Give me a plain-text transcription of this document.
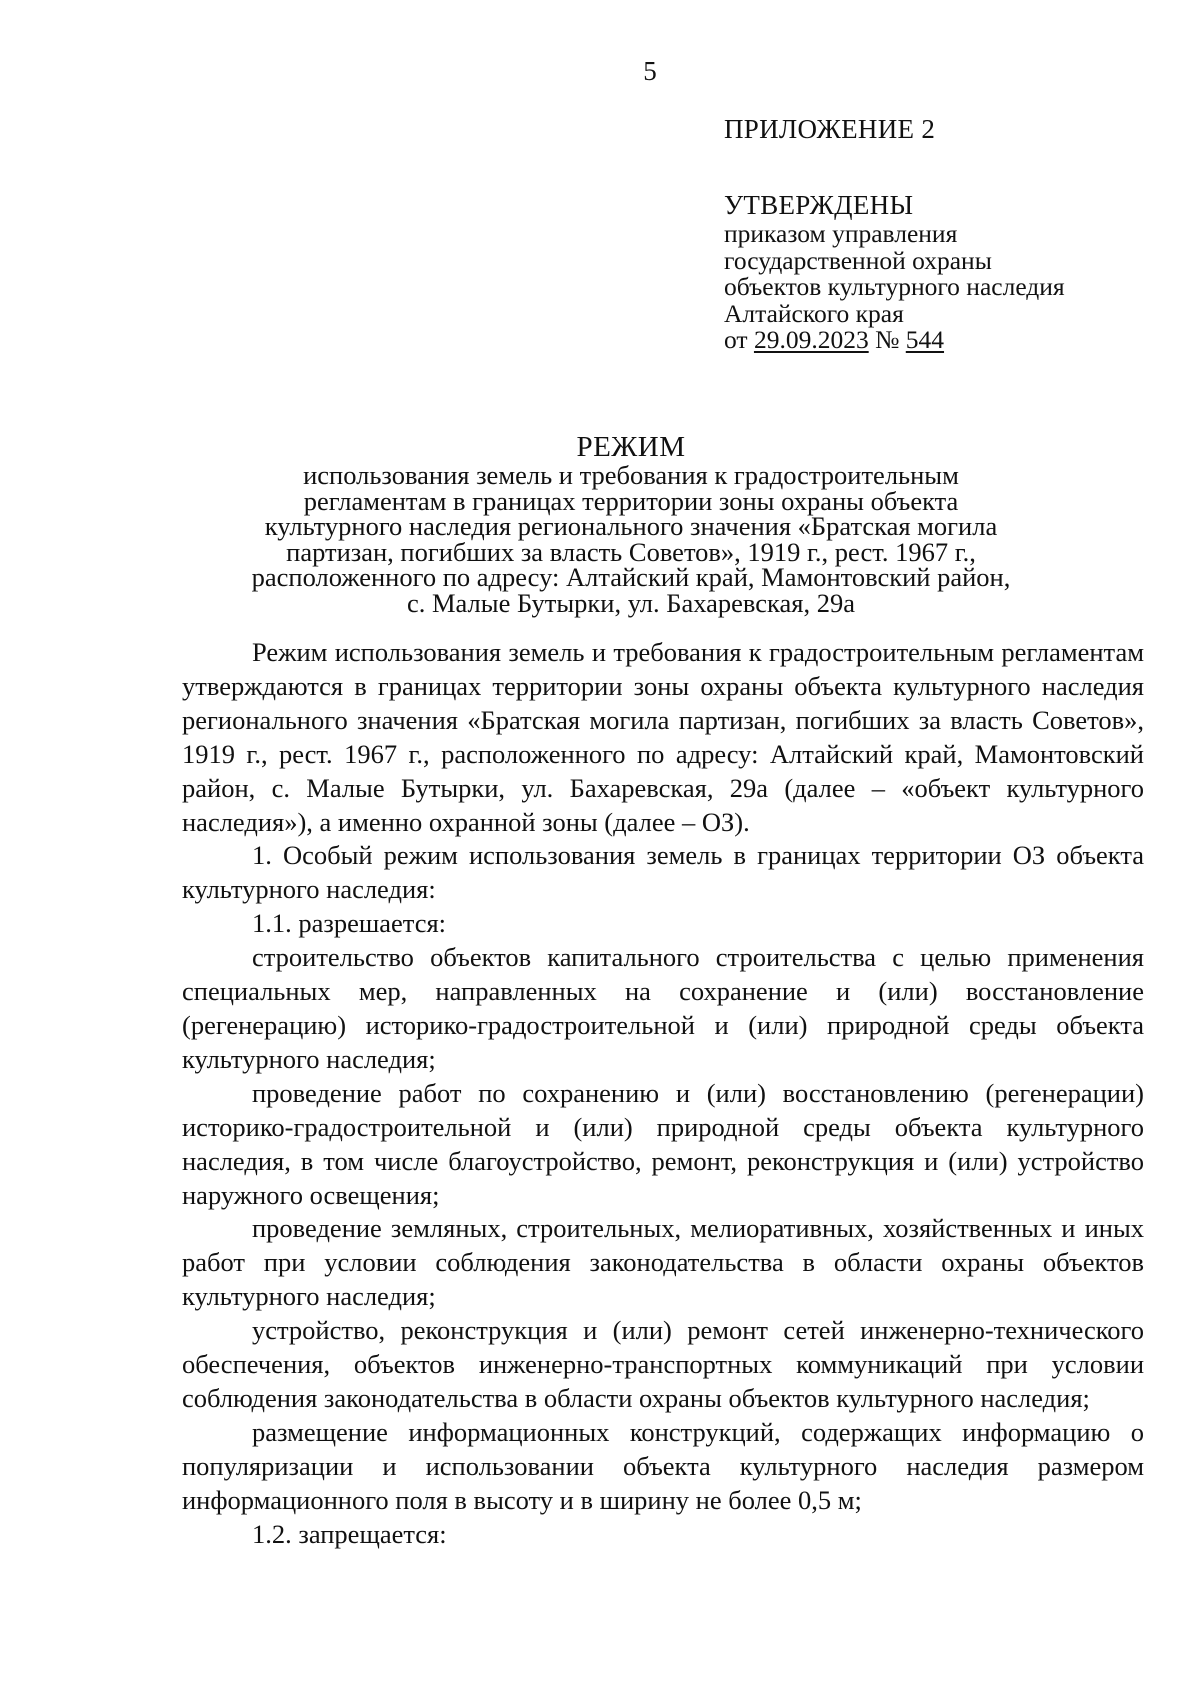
5

ПРИЛОЖЕНИЕ 2

УТВЕРЖДЕНЫ

приказом управления

государственной охраны

объектов культурного наследия

Алтайского края

от 29.09.2023 № 544

РЕЖИМ

использования земель и требования к градостроительным

регламентам в границах территории зоны охраны объекта

культурного наследия регионального значения «Братская могила

партизан, погибших за власть Советов», 1919 г., рест. 1967 г.,

расположенного по адресу: Алтайский край, Мамонтовский район,

с. Малые Бутырки, ул. Бахаревская, 29а

Режим использования земель и требования к градостроительным регламентам утверждаются в границах территории зоны охраны объекта культурного наследия регионального значения «Братская могила партизан, погибших за власть Советов», 1919 г., рест. 1967 г., расположенного по адресу: Алтайский край, Мамонтовский район, с. Малые Бутырки, ул. Бахаревская, 29а (далее – «объект культурного наследия»), а именно охранной зоны (далее – ОЗ).

1. Особый режим использования земель в границах территории ОЗ объекта культурного наследия:

1.1. разрешается:

строительство объектов капитального строительства с целью применения специальных мер, направленных на сохранение и (или) восстановление (регенерацию) историко-градостроительной и (или) природной среды объекта культурного наследия;

проведение работ по сохранению и (или) восстановлению (регенерации) историко-градостроительной и (или) природной среды объекта культурного наследия, в том числе благоустройство, ремонт, реконструкция и (или) устройство наружного освещения;

проведение земляных, строительных, мелиоративных, хозяйственных и иных работ при условии соблюдения законодательства в области охраны объектов культурного наследия;

устройство, реконструкция и (или) ремонт сетей инженерно-технического обеспечения, объектов инженерно-транспортных коммуникаций при условии соблюдения законодательства в области охраны объектов культурного наследия;

размещение информационных конструкций, содержащих информацию о популяризации и использовании объекта культурного наследия размером информационного поля в высоту и в ширину не более 0,5 м;

1.2. запрещается:
